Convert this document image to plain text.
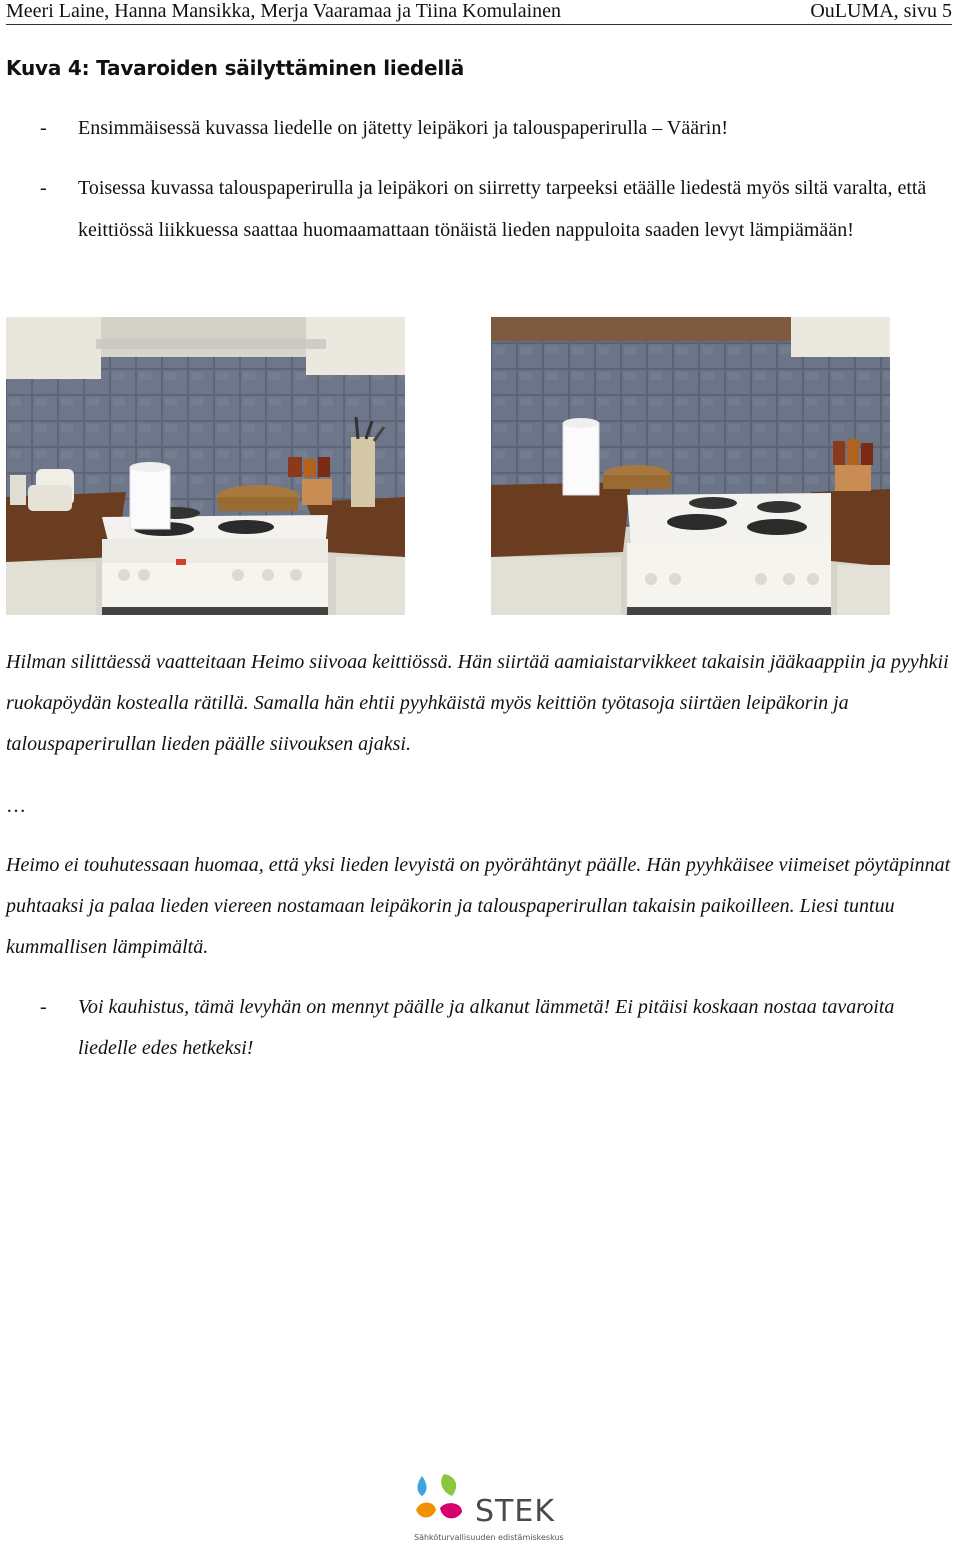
Meeri Laine, Hanna Mansikka, Merja Vaaramaa ja Tiina Komulainen	OuLUMA, sivu 5
Kuva 4: Tavaroiden säilyttäminen liedellä
- Ensimmäisessä kuvassa liedelle on jätetty leipäkori ja talouspaperirulla – Väärin!
- Toisessa kuvassa talouspaperirulla ja leipäkori on siirretty tarpeeksi etäälle liedestä myös siltä varalta, että keittiössä liikkuessa saattaa huomaamattaan tönäistä lieden nappuloita saaden levyt lämpiämään!
Hilman silittäessä vaatteitaan Heimo siivoaa keittiössä. Hän siirtää aamiaistarvikkeet takaisin jääkaappiin ja pyyhkii ruokapöydän kostealla rätillä. Samalla hän ehtii pyyhkäistä myös keittiön työtasoja siirtäen leipäkorin ja talouspaperirullan lieden päälle siivouksen ajaksi.
…
Heimo ei touhutessaan huomaa, että yksi lieden levyistä on pyörähtänyt päälle. Hän pyyhkäisee viimeiset pöytäpinnat puhtaaksi ja palaa lieden viereen nostamaan leipäkorin ja talouspaperirullan takaisin paikoilleen. Liesi tuntuu kummallisen lämpimältä.
- Voi kauhistus, tämä levyhän on mennyt päälle ja alkanut lämmetä! Ei pitäisi koskaan nostaa tavaroita liedelle edes hetkeksi!
STEK
Sähköturvallisuuden edistämiskeskus
